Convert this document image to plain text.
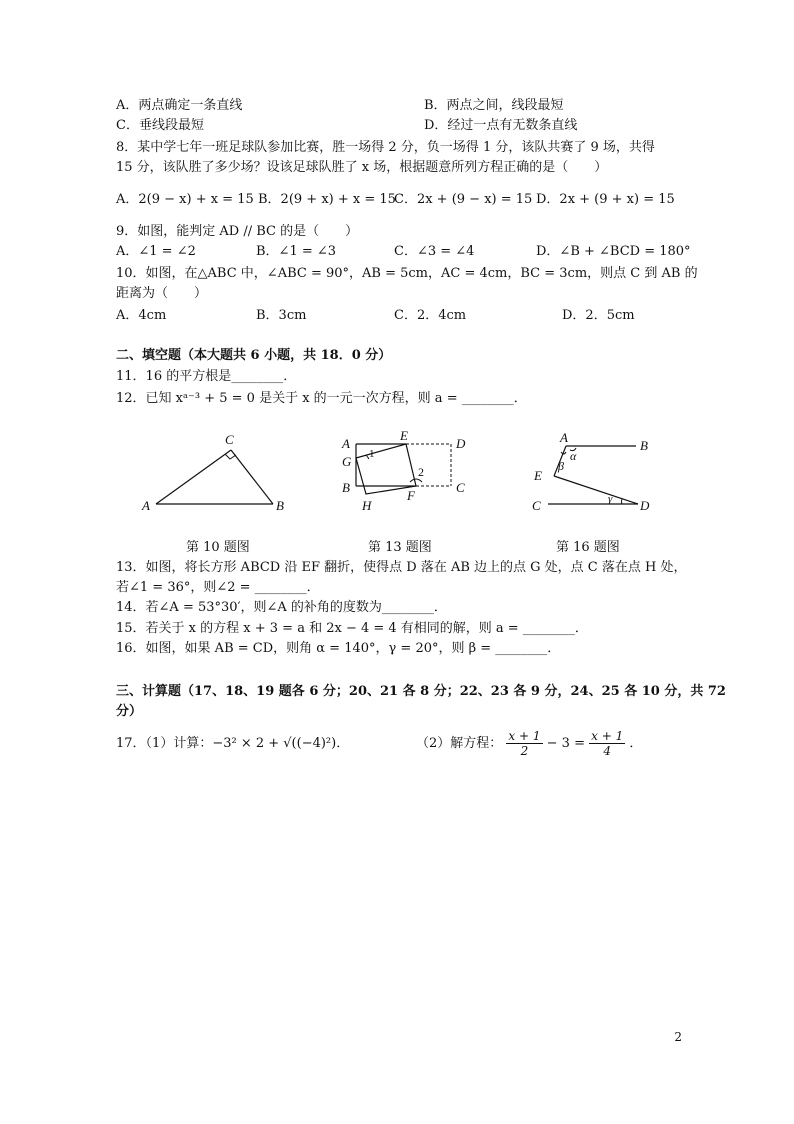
A．两点确定一条直线	B．两点之间，线段最短
C．垂线段最短	D．经过一点有无数条直线
8．某中学七年一班足球队参加比赛，胜一场得 2 分，负一场得 1 分，该队共赛了 9 场，共得
15 分，该队胜了多少场？设该足球队胜了 x 场，根据题意所列方程正确的是（　　）
A．2(9 − x) + x = 15 B．2(9 + x) + x = 15
C．2x + (9 − x) = 15 D．2x + (9 + x) = 15
9．如图，能判定 AD // BC 的是（　　）
A．∠1 = ∠2	B．∠1 = ∠3	C．∠3 = ∠4	D．∠B + ∠BCD = 180°
10．如图，在△ABC 中，∠ABC = 90°，AB = 5cm，AC = 4cm，BC = 3cm，则点 C 到 AB 的
距离为（　　）
A．4cm	B．3cm	C．2．4cm	D．2．5cm
二、填空题（本大题共 6 小题，共 18．0 分）
11．16 的平方根是________．
12．已知 xᵃ⁻³ + 5 = 0 是关于 x 的一元一次方程，则 a = ________．
A	B
C	A
E
D
G 1
2
B
F
C
H
A
B
α
β
E
C	γ D
第 10 题图	第 13 题图	第 16 题图
13．如图，将长方形 ABCD 沿 EF 翻折，使得点 D 落在 AB 边上的点 G 处，点 C 落在点 H 处，
若∠1 = 36°，则∠2 = ________．
14．若∠A = 53°30′，则∠A 的补角的度数为________．
15．若关于 x 的方程 x + 3 = a 和 2x − 4 = 4 有相同的解，则 a = ________．
16．如图，如果 AB = CD，则角 α = 140°，γ = 20°，则 β = ________．
三、计算题（17、18、19 题各 6 分；20、21 各 8 分；22、23 各 9 分，24、25 各 10 分，共 72
分）
17．（1）计算：−3² × 2 + √((−4)²)．	（2）解方程： $\frac{x + 1}{2} - 3 = \frac{x + 1}{4}$ ．
2
